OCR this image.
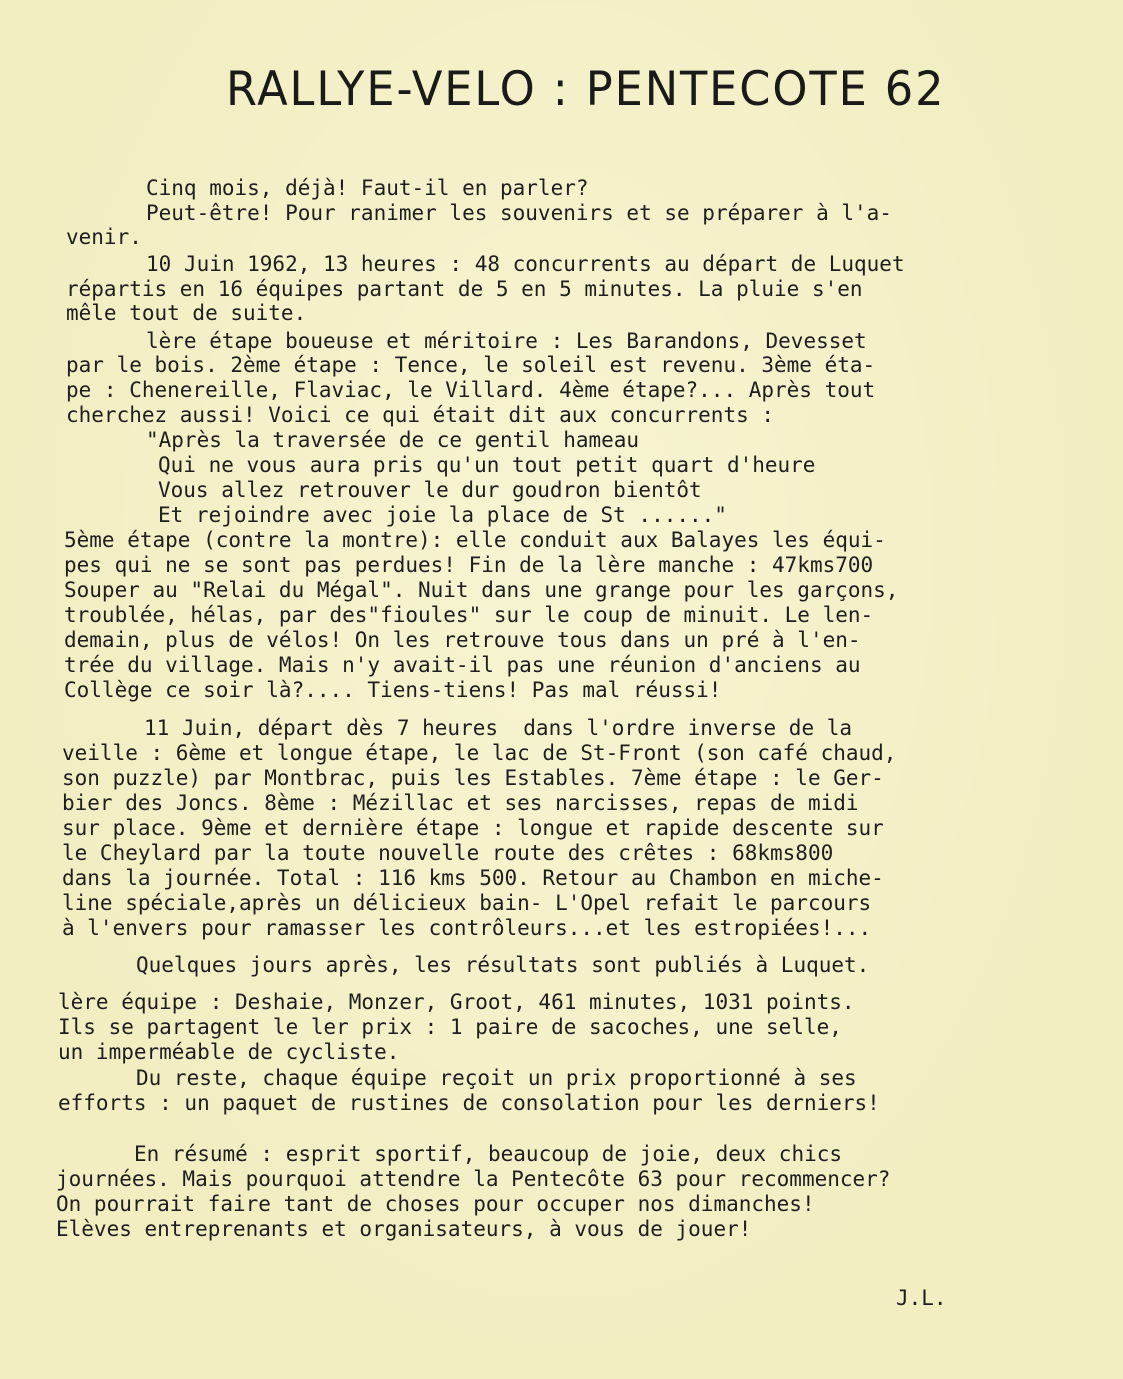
RALLYE-VELO : PENTECOTE 62

Cinq mois, déjà! Faut-il en parler?

Peut-être! Pour ranimer les souvenirs et se préparer à l'a-

venir.

10 Juin 1962, 13 heures : 48 concurrents au départ de Luquet

répartis en 16 équipes partant de 5 en 5 minutes. La pluie s'en

mêle tout de suite.

lère étape boueuse et méritoire : Les Barandons, Devesset

par le bois. 2ème étape : Tence, le soleil est revenu. 3ème éta-

pe : Chenereille, Flaviac, le Villard. 4ème étape?... Après tout

cherchez aussi! Voici ce qui était dit aux concurrents :

"Après la traversée de ce gentil hameau

Qui ne vous aura pris qu'un tout petit quart d'heure

Vous allez retrouver le dur goudron bientôt

Et rejoindre avec joie la place de St ......"

5ème étape (contre la montre): elle conduit aux Balayes les équi-

pes qui ne se sont pas perdues! Fin de la lère manche : 47kms700

Souper au "Relai du Mégal". Nuit dans une grange pour les garçons,

troublée, hélas, par des"fioules" sur le coup de minuit. Le len-

demain, plus de vélos! On les retrouve tous dans un pré à l'en-

trée du village. Mais n'y avait-il pas une réunion d'anciens au

Collège ce soir là?.... Tiens-tiens! Pas mal réussi!

11 Juin, départ dès 7 heures  dans l'ordre inverse de la

veille : 6ème et longue étape, le lac de St-Front (son café chaud,

son puzzle) par Montbrac, puis les Estables. 7ème étape : le Ger-

bier des Joncs. 8ème : Mézillac et ses narcisses, repas de midi

sur place. 9ème et dernière étape : longue et rapide descente sur

le Cheylard par la toute nouvelle route des crêtes : 68kms800

dans la journée. Total : 116 kms 500. Retour au Chambon en miche-

line spéciale,après un délicieux bain- L'Opel refait le parcours

à l'envers pour ramasser les contrôleurs...et les estropiées!...

Quelques jours après, les résultats sont publiés à Luquet.

lère équipe : Deshaie, Monzer, Groot, 461 minutes, 1031 points.

Ils se partagent le ler prix : 1 paire de sacoches, une selle,

un imperméable de cycliste.

Du reste, chaque équipe reçoit un prix proportionné à ses

efforts : un paquet de rustines de consolation pour les derniers!

En résumé : esprit sportif, beaucoup de joie, deux chics

journées. Mais pourquoi attendre la Pentecôte 63 pour recommencer?

On pourrait faire tant de choses pour occuper nos dimanches!

Elèves entreprenants et organisateurs, à vous de jouer!

J.L.
